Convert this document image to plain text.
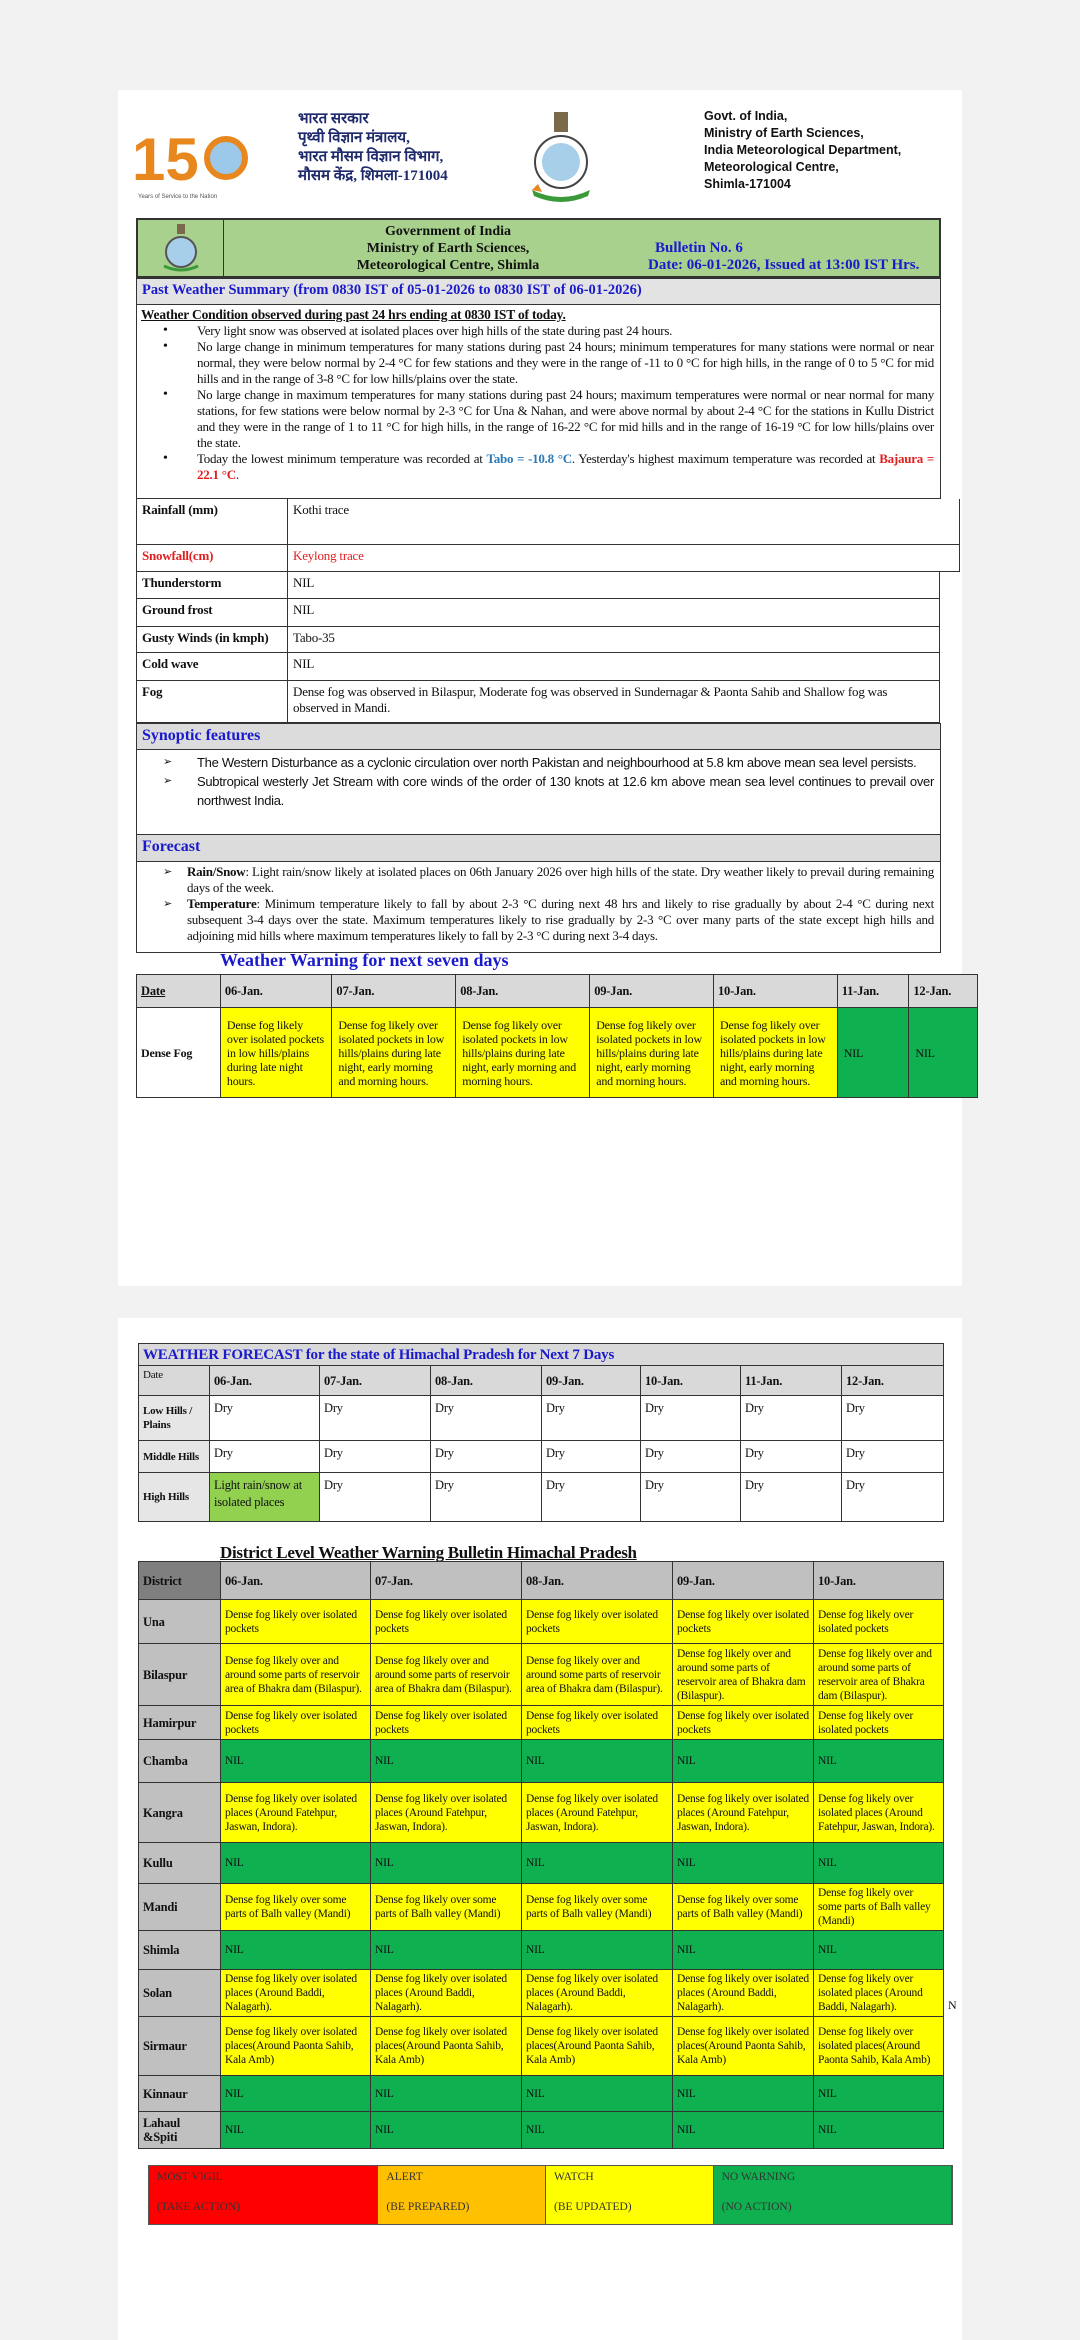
15
Years of Service to the Nation
भारत सरकार
पृथ्वी विज्ञान मंत्रालय,
भारत मौसम विज्ञान विभाग,
मौसम केंद्र, शिमला-171004
Govt. of India,
Ministry of Earth Sciences,
India Meteorological Department,
Meteorological Centre,
Shimla-171004
Government of India
Ministry of Earth Sciences,
Meteorological Centre, Shimla
Bulletin No. 6
Date: 06-01-2026, Issued at 13:00 IST Hrs.
Past Weather Summary (from 0830 IST of 05-01-2026 to 0830 IST of 06-01-2026)
Weather Condition observed during past 24 hrs ending at 0830 IST of today.
• Very light snow was observed at isolated places over high hills of the state during past 24 hours.
• No large change in minimum temperatures for many stations during past 24 hours; minimum temperatures for many stations were normal or near normal, they were below normal by 2-4 °C for few stations and they were in the range of -11 to 0 °C for high hills, in the range of 0 to 5 °C for mid hills and in the range of 3-8 °C for low hills/plains over the state.
• No large change in maximum temperatures for many stations during past 24 hours; maximum temperatures were normal or near normal for many stations, for few stations were below normal by 2-3 °C for Una & Nahan, and were above normal by about 2-4 °C for the stations in Kullu District and they were in the range of 1 to 11 °C for high hills, in the range of 16-22 °C for mid hills and in the range of 16-19 °C for low hills/plains over the state.
• Today the lowest minimum temperature was recorded at Tabo = -10.8 °C. Yesterday's highest maximum temperature was recorded at Bajaura = 22.1 °C.
Rainfall (mm)	Kothi trace
Snowfall(cm)	Keylong trace
Thunderstorm	NIL
Ground frost	NIL
Gusty Winds (in kmph)	Tabo-35
Cold wave	NIL
Fog	Dense fog was observed in Bilaspur, Moderate fog was observed in Sundernagar & Paonta Sahib and Shallow fog was observed in Mandi.
Synoptic features
➢ The Western Disturbance as a cyclonic circulation over north Pakistan and neighbourhood at 5.8 km above mean sea level persists.
➢ Subtropical westerly Jet Stream with core winds of the order of 130 knots at 12.6 km above mean sea level continues to prevail over northwest India.
Forecast
➢ Rain/Snow: Light rain/snow likely at isolated places on 06th January 2026 over high hills of the state. Dry weather likely to prevail during remaining days of the week.
➢ Temperature: Minimum temperature likely to fall by about 2-3 °C during next 48 hrs and likely to rise gradually by about 2-4 °C during next subsequent 3-4 days over the state. Maximum temperatures likely to rise gradually by 2-3 °C over many parts of the state except high hills and adjoining mid hills where maximum temperatures likely to fall by 2-3 °C during next 3-4 days.
Weather Warning for next seven days
Date	06-Jan.	07-Jan.	08-Jan.	09-Jan.	10-Jan.	11-Jan.	12-Jan.
Dense Fog	Dense fog likely over isolated pockets in low hills/plains during late night hours.	Dense fog likely over isolated pockets in low hills/plains during late night, early morning and morning hours.	Dense fog likely over isolated pockets in low hills/plains during late night, early morning and morning hours.	Dense fog likely over isolated pockets in low hills/plains during late night, early morning and morning hours.	Dense fog likely over isolated pockets in low hills/plains during late night, early morning and morning hours.	NIL	NIL
WEATHER FORECAST for the state of Himachal Pradesh for Next 7 Days							
Date	06-Jan.	07-Jan.	08-Jan.	09-Jan.	10-Jan.	11-Jan.	12-Jan.
Low Hills / Plains	Dry	Dry	Dry	Dry	Dry	Dry	Dry
Middle Hills	Dry	Dry	Dry	Dry	Dry	Dry	Dry
High Hills	Light rain/snow at isolated places	Dry	Dry	Dry	Dry	Dry	Dry
District Level Weather Warning Bulletin Himachal Pradesh
District	06-Jan.	07-Jan.	08-Jan.	09-Jan.	10-Jan.
Una	Dense fog likely over isolated pockets	Dense fog likely over isolated pockets	Dense fog likely over isolated pockets	Dense fog likely over isolated pockets	Dense fog likely over isolated pockets
Bilaspur	Dense fog likely over and around some parts of reservoir area of Bhakra dam (Bilaspur).	Dense fog likely over and around some parts of reservoir area of Bhakra dam (Bilaspur).	Dense fog likely over and around some parts of reservoir area of Bhakra dam (Bilaspur).	Dense fog likely over and around some parts of reservoir area of Bhakra dam (Bilaspur).	Dense fog likely over and around some parts of reservoir area of Bhakra dam (Bilaspur).
Hamirpur	Dense fog likely over isolated pockets	Dense fog likely over isolated pockets	Dense fog likely over isolated pockets	Dense fog likely over isolated pockets	Dense fog likely over isolated pockets
Chamba	NIL	NIL	NIL	NIL	NIL
Kangra	Dense fog likely over isolated places (Around Fatehpur, Jaswan, Indora).	Dense fog likely over isolated places (Around Fatehpur, Jaswan, Indora).	Dense fog likely over isolated places (Around Fatehpur, Jaswan, Indora).	Dense fog likely over isolated places (Around Fatehpur, Jaswan, Indora).	Dense fog likely over isolated places (Around Fatehpur, Jaswan, Indora).
Kullu	NIL	NIL	NIL	NIL	NIL
Mandi	Dense fog likely over some parts of Balh valley (Mandi)	Dense fog likely over some parts of Balh valley (Mandi)	Dense fog likely over some parts of Balh valley (Mandi)	Dense fog likely over some parts of Balh valley (Mandi)	Dense fog likely over some parts of Balh valley (Mandi)
Shimla	NIL	NIL	NIL	NIL	NIL
Solan	Dense fog likely over isolated places (Around Baddi, Nalagarh).	Dense fog likely over isolated places (Around Baddi, Nalagarh).	Dense fog likely over isolated places (Around Baddi, Nalagarh).	Dense fog likely over isolated places (Around Baddi, Nalagarh).	Dense fog likely over isolated places (Around Baddi, Nalagarh).
Sirmaur	Dense fog likely over isolated places(Around Paonta Sahib, Kala Amb)	Dense fog likely over isolated places(Around Paonta Sahib, Kala Amb)	Dense fog likely over isolated places(Around Paonta Sahib, Kala Amb)	Dense fog likely over isolated places(Around Paonta Sahib, Kala Amb)	Dense fog likely over isolated places(Around Paonta Sahib, Kala Amb)
Kinnaur	NIL	NIL	NIL	NIL	NIL
Lahaul &Spiti	NIL	NIL	NIL	NIL	NIL
N
MOST VIGIL
(TAKE ACTION)
ALERT
(BE PREPARED)
WATCH
(BE UPDATED)
NO WARNING
(NO ACTION)
